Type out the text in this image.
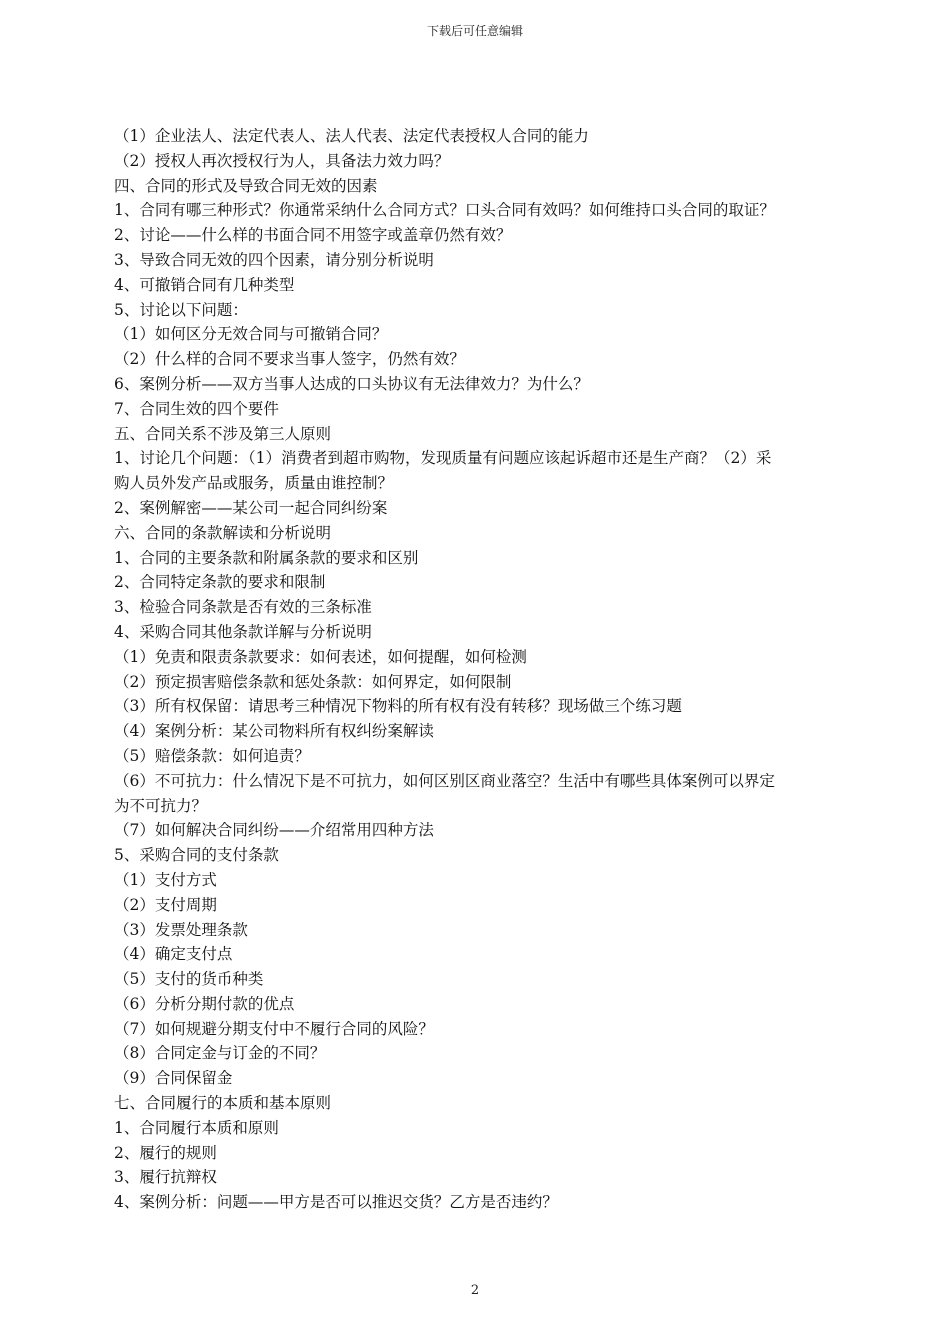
下载后可任意编辑
（1）企业法人、法定代表人、法人代表、法定代表授权人合同的能力
（2）授权人再次授权行为人，具备法力效力吗？
四、合同的形式及导致合同无效的因素
1、合同有哪三种形式？你通常采纳什么合同方式？口头合同有效吗？如何维持口头合同的取证？
2、讨论——什么样的书面合同不用签字或盖章仍然有效？
3、导致合同无效的四个因素，请分别分析说明
4、可撤销合同有几种类型
5、讨论以下问题：
（1）如何区分无效合同与可撤销合同？
（2）什么样的合同不要求当事人签字，仍然有效？
6、案例分析——双方当事人达成的口头协议有无法律效力？为什么？
7、合同生效的四个要件
五、合同关系不涉及第三人原则
1、讨论几个问题：（1）消费者到超市购物，发现质量有问题应该起诉超市还是生产商？（2）采
购人员外发产品或服务，质量由谁控制？
2、案例解密——某公司一起合同纠纷案
六、合同的条款解读和分析说明
1、合同的主要条款和附属条款的要求和区别
2、合同特定条款的要求和限制
3、检验合同条款是否有效的三条标准
4、采购合同其他条款详解与分析说明
（1）免责和限责条款要求：如何表述，如何提醒，如何检测
（2）预定损害赔偿条款和惩处条款：如何界定，如何限制
（3）所有权保留：请思考三种情况下物料的所有权有没有转移？现场做三个练习题
（4）案例分析：某公司物料所有权纠纷案解读
（5）赔偿条款：如何追责？
（6）不可抗力：什么情况下是不可抗力，如何区别区商业落空？生活中有哪些具体案例可以界定
为不可抗力？
（7）如何解决合同纠纷——介绍常用四种方法
5、采购合同的支付条款
（1）支付方式
（2）支付周期
（3）发票处理条款
（4）确定支付点
（5）支付的货币种类
（6）分析分期付款的优点
（7）如何规避分期支付中不履行合同的风险？
（8）合同定金与订金的不同？
（9）合同保留金
七、合同履行的本质和基本原则
1、合同履行本质和原则
2、履行的规则
3、履行抗辩权
4、案例分析：问题——甲方是否可以推迟交货？乙方是否违约？
2
